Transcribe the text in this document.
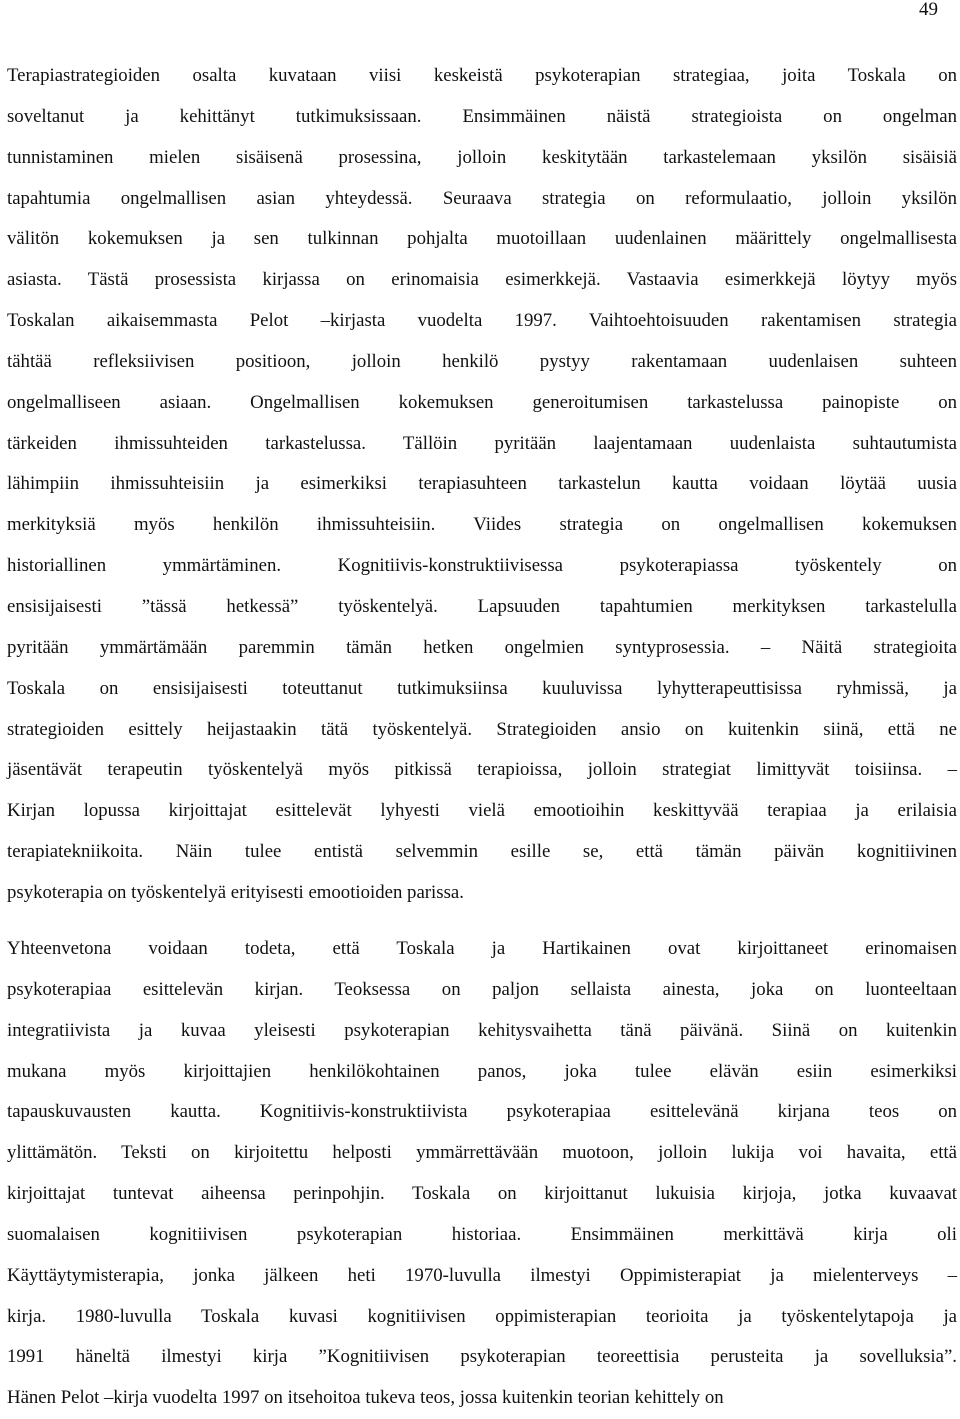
49
Terapiastrategioiden osalta kuvataan viisi keskeistä psykoterapian strategiaa, joita Toskala on
soveltanut ja kehittänyt tutkimuksissaan. Ensimmäinen näistä strategioista on ongelman
tunnistaminen mielen sisäisenä prosessina, jolloin keskitytään tarkastelemaan yksilön sisäisiä
tapahtumia ongelmallisen asian yhteydessä. Seuraava strategia on reformulaatio, jolloin yksilön
välitön kokemuksen ja sen tulkinnan pohjalta muotoillaan uudenlainen määrittely ongelmallisesta
asiasta. Tästä prosessista kirjassa on erinomaisia esimerkkejä. Vastaavia esimerkkejä löytyy myös
Toskalan aikaisemmasta Pelot –kirjasta vuodelta 1997. Vaihtoehtoisuuden rakentamisen strategia
tähtää refleksiivisen positioon, jolloin henkilö pystyy rakentamaan uudenlaisen suhteen
ongelmalliseen asiaan. Ongelmallisen kokemuksen generoitumisen tarkastelussa painopiste on
tärkeiden ihmissuhteiden tarkastelussa. Tällöin pyritään laajentamaan uudenlaista suhtautumista
lähimpiin ihmissuhteisiin ja esimerkiksi terapiasuhteen tarkastelun kautta voidaan löytää uusia
merkityksiä myös henkilön ihmissuhteisiin. Viides strategia on ongelmallisen kokemuksen
historiallinen ymmärtäminen. Kognitiivis-konstruktiivisessa psykoterapiassa työskentely on
ensisijaisesti ”tässä hetkessä” työskentelyä. Lapsuuden tapahtumien merkityksen tarkastelulla
pyritään ymmärtämään paremmin tämän hetken ongelmien syntyprosessia. – Näitä strategioita
Toskala on ensisijaisesti toteuttanut tutkimuksiinsa kuuluvissa lyhytterapeuttisissa ryhmissä, ja
strategioiden esittely heijastaakin tätä työskentelyä. Strategioiden ansio on kuitenkin siinä, että ne
jäsentävät terapeutin työskentelyä myös pitkissä terapioissa, jolloin strategiat limittyvät toisiinsa. –
Kirjan lopussa kirjoittajat esittelevät lyhyesti vielä emootioihin keskittyvää terapiaa ja erilaisia
terapiatekniikoita. Näin tulee entistä selvemmin esille se, että tämän päivän kognitiivinen
psykoterapia on työskentelyä erityisesti emootioiden parissa.
Yhteenvetona voidaan todeta, että Toskala ja Hartikainen ovat kirjoittaneet erinomaisen
psykoterapiaa esittelevän kirjan. Teoksessa on paljon sellaista ainesta, joka on luonteeltaan
integratiivista ja kuvaa yleisesti psykoterapian kehitysvaihetta tänä päivänä. Siinä on kuitenkin
mukana myös kirjoittajien henkilökohtainen panos, joka tulee elävän esiin esimerkiksi
tapauskuvausten kautta. Kognitiivis-konstruktiivista psykoterapiaa esittelevänä kirjana teos on
ylittämätön. Teksti on kirjoitettu helposti ymmärrettävään muotoon, jolloin lukija voi havaita, että
kirjoittajat tuntevat aiheensa perinpohjin. Toskala on kirjoittanut lukuisia kirjoja, jotka kuvaavat
suomalaisen kognitiivisen psykoterapian historiaa. Ensimmäinen merkittävä kirja oli
Käyttäytymisterapia, jonka jälkeen heti 1970-luvulla ilmestyi Oppimisterapiat ja mielenterveys –
kirja. 1980-luvulla Toskala kuvasi kognitiivisen oppimisterapian teorioita ja työskentelytapoja ja
1991 häneltä ilmestyi kirja ”Kognitiivisen psykoterapian teoreettisia perusteita ja sovelluksia”.
Hänen Pelot –kirja vuodelta 1997 on itsehoitoa tukeva teos, jossa kuitenkin teorian kehittely on
